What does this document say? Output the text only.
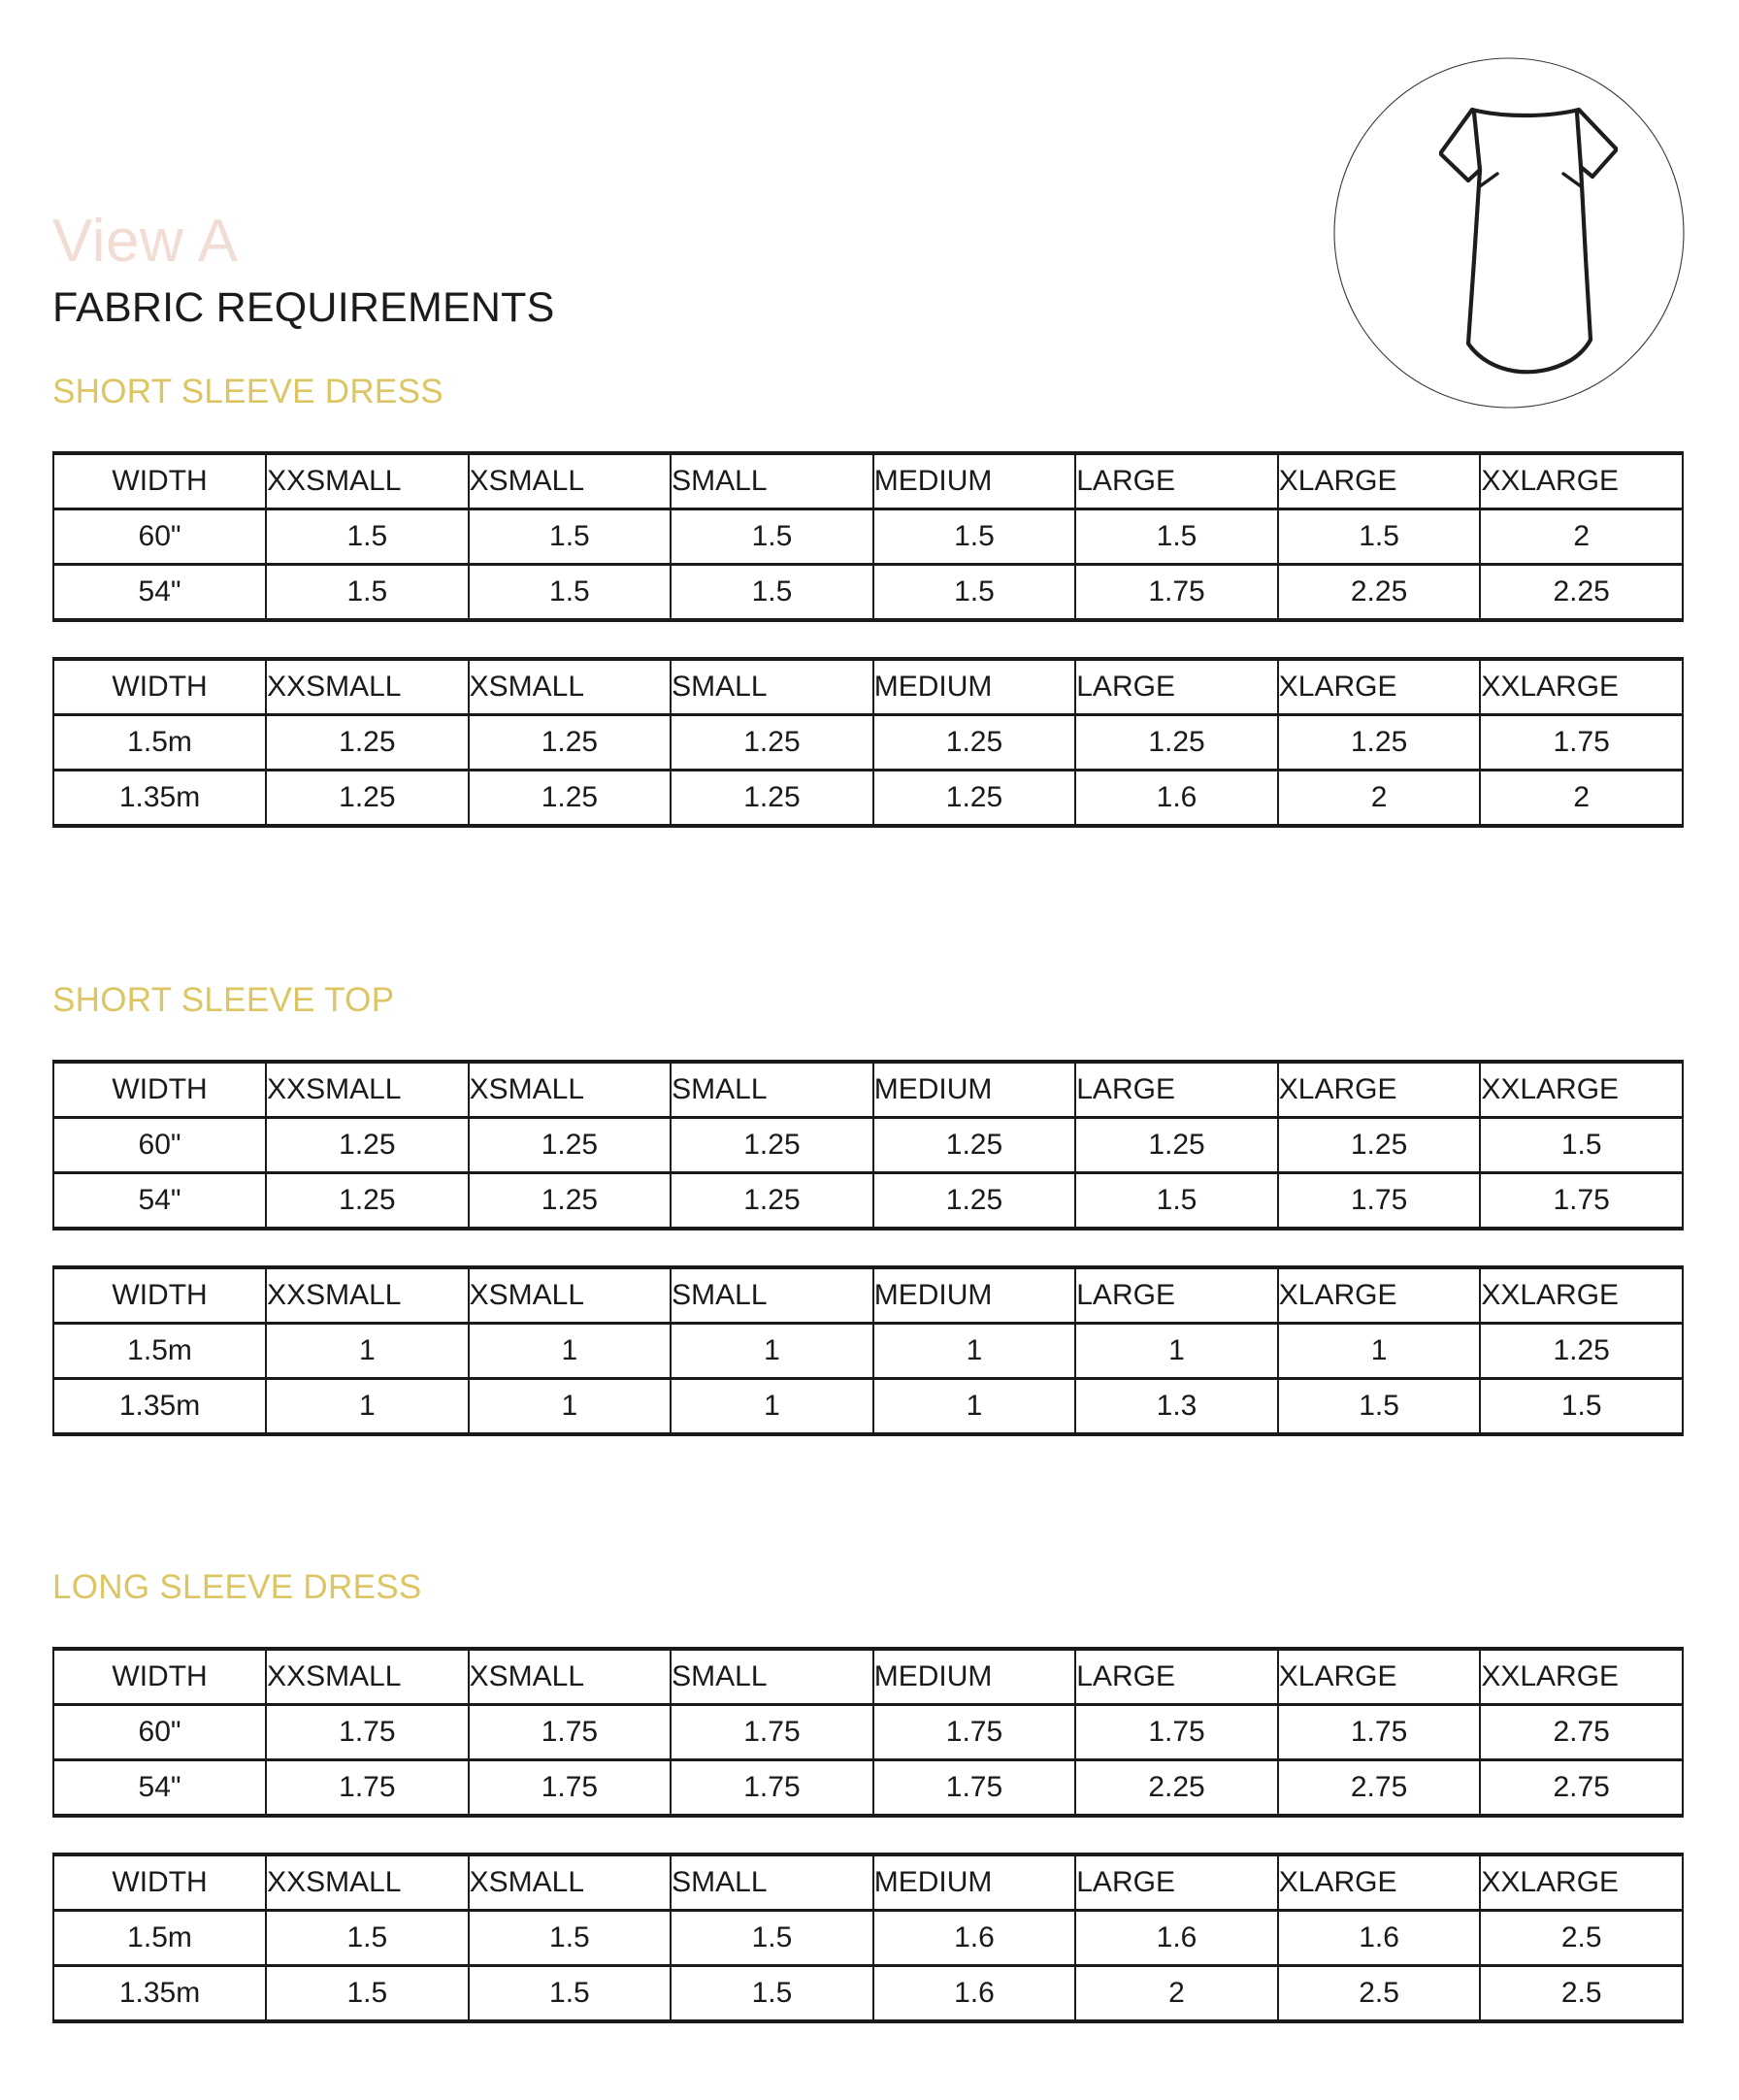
View A
FABRIC REQUIREMENTS
SHORT SLEEVE DRESS
WIDTH	XXSMALL	XSMALL	SMALL	MEDIUM	LARGE	XLARGE	XXLARGE
60"	1.5	1.5	1.5	1.5	1.5	1.5	2
54"	1.5	1.5	1.5	1.5	1.75	2.25	2.25
WIDTH	XXSMALL	XSMALL	SMALL	MEDIUM	LARGE	XLARGE	XXLARGE
1.5m	1.25	1.25	1.25	1.25	1.25	1.25	1.75
1.35m	1.25	1.25	1.25	1.25	1.6	2	2
SHORT SLEEVE TOP
WIDTH	XXSMALL	XSMALL	SMALL	MEDIUM	LARGE	XLARGE	XXLARGE
60"	1.25	1.25	1.25	1.25	1.25	1.25	1.5
54"	1.25	1.25	1.25	1.25	1.5	1.75	1.75
WIDTH	XXSMALL	XSMALL	SMALL	MEDIUM	LARGE	XLARGE	XXLARGE
1.5m	1	1	1	1	1	1	1.25
1.35m	1	1	1	1	1.3	1.5	1.5
LONG SLEEVE DRESS
WIDTH	XXSMALL	XSMALL	SMALL	MEDIUM	LARGE	XLARGE	XXLARGE
60"	1.75	1.75	1.75	1.75	1.75	1.75	2.75
54"	1.75	1.75	1.75	1.75	2.25	2.75	2.75
WIDTH	XXSMALL	XSMALL	SMALL	MEDIUM	LARGE	XLARGE	XXLARGE
1.5m	1.5	1.5	1.5	1.6	1.6	1.6	2.5
1.35m	1.5	1.5	1.5	1.6	2	2.5	2.5
